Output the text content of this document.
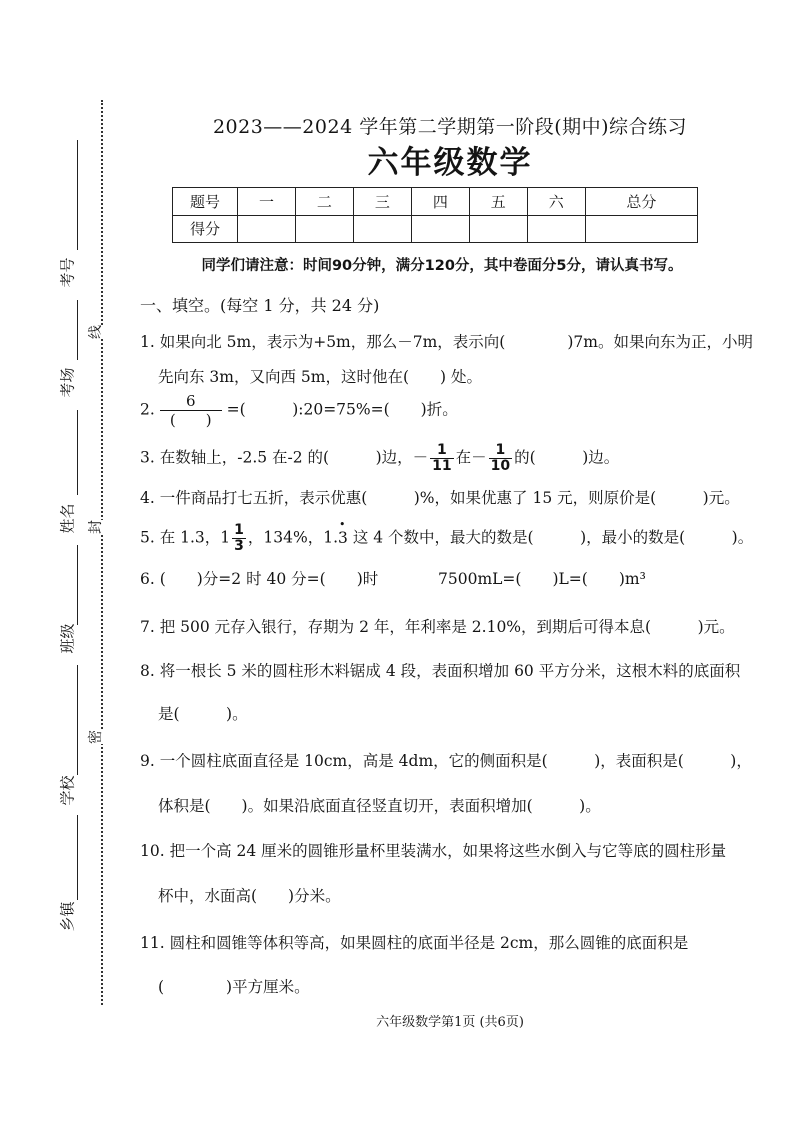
考号
考场
姓名
班级
学校
乡镇
线
封
密
2023——2024 学年第二学期第一阶段(期中)综合练习
六年级数学
题号	一	二	三	四	五	六	总分
得分							
同学们请注意：时间90分钟，满分120分，其中卷面分5分，请认真书写。
一、填空。(每空 1 分，共 24 分)
1. 如果向北 5m，表示为+5m，那么－7m，表示向(　　　　)7m。如果向东为正，小明
先向东 3m，又向西 5m，这时他在(　　) 处。
2.	6
(　　)
=(　　　):20=75%=(　　)折。
3. 在数轴上，-2.5 在-2 的(　　　)边，－ $\frac{1}{11}$ 在－ $\frac{1}{10}$ 的(　　　)边。
4. 一件商品打七五折，表示优惠(　　　)%，如果优惠了 15 元，则原价是(　　　)元。
5. 在 1.3，$1 \frac{1}{3}$ ，134%，1.• 3 这 4 个数中，最大的数是(　　　)，最小的数是(　　　)。
6. (　　)分=2 时 40 分=(　　)时	7500mL=(　　)L=(　　)m³
7. 把 500 元存入银行，存期为 2 年，年利率是 2.10%，到期后可得本息(　　　)元。
8. 将一根长 5 米的圆柱形木料锯成 4 段，表面积增加 60 平方分米，这根木料的底面积
是(　　　)。
9. 一个圆柱底面直径是 10cm，高是 4dm，它的侧面积是(　　　)，表面积是(　　　)，
体积是(　　)。如果沿底面直径竖直切开，表面积增加(　　　)。
10. 把一个高 24 厘米的圆锥形量杯里装满水，如果将这些水倒入与它等底的圆柱形量
杯中，水面高(　　)分米。
11. 圆柱和圆锥等体积等高，如果圆柱的底面半径是 2cm，那么圆锥的底面积是
(　　　　)平方厘米。
六年级数学第1页 (共6页)
